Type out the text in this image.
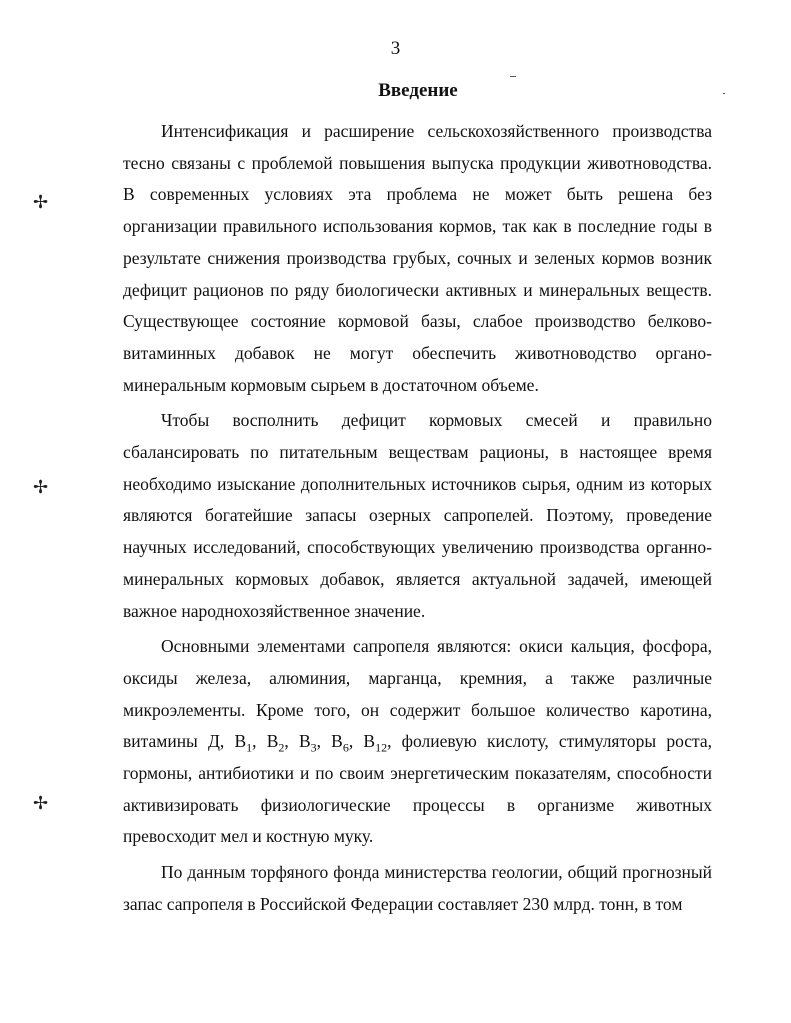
3
Введение
✢
✢
✢

Интенсификация и расширение сельскохозяйственного производства тесно связаны с проблемой повышения выпуска продукции животноводства. В современных условиях эта проблема не может быть решена без организации правильного использования кормов, так как в последние годы в результате снижения производства грубых, сочных и зеленых кормов возник дефицит рационов по ряду биологически активных и минеральных веществ. Существующее состояние кормовой базы, слабое производство белково-витаминных добавок не могут обеспечить животноводство органо-минеральным кормовым сырьем в достаточном объеме.

Чтобы восполнить дефицит кормовых смесей и правильно сбалансировать по питательным веществам рационы, в настоящее время необходимо изыскание дополнительных источников сырья, одним из которых являются богатейшие запасы озерных сапропелей. Поэтому, проведение научных исследований, способствующих увеличению производства органно-минеральных кормовых добавок, является актуальной задачей, имеющей важное народнохозяйственное значение.

Основными элементами сапропеля являются: окиси кальция, фосфора, оксиды железа, алюминия, марганца, кремния, а также различные микроэлементы. Кроме того, он содержит большое количество каротина, витамины Д, $B_1$, $B_2$, $B_3$, $B_6$, $B_{12}$, фолиевую кислоту, стимуляторы роста, гормоны, антибиотики и по своим энергетическим показателям, способности активизировать физиологические процессы в организме животных превосходит мел и костную муку.

По данным торфяного фонда министерства геологии, общий прогнозный запас сапропеля в Российской Федерации составляет 230 млрд. тонн, в том
